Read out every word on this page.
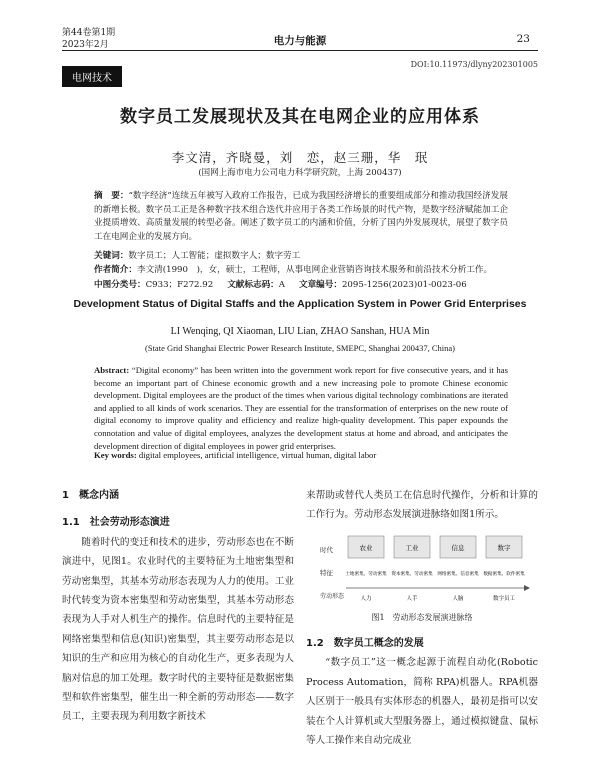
第44卷第1期
2023年2月	电力与能源	23
电网技术
DOI:10.11973/dlyny202301005
数字员工发展现状及其在电网企业的应用体系
李文清，齐晓曼，刘　恋，赵三珊，华　珉
(国网上海市电力公司电力科学研究院，上海 200437)
摘　要：“数字经济”连续五年被写入政府工作报告，已成为我国经济增长的重要组成部分和推动我国经济发展的新增长极。数字员工正是各种数字技术组合迭代并应用于各类工作场景的时代产物，是数字经济赋能加工企业提质增效、高质量发展的转型必备。阐述了数字员工的内涵和价值，分析了国内外发展现状，展望了数字员工在电网企业的发展方向。
关键词：数字员工；人工智能；虚拟数字人；数字劳工
作者简介：李文清(1990　)，女，硕士，工程师，从事电网企业营销咨询技术服务和前沿技术分析工作。
中图分类号：C933；F272.92 文献标志码：A 文章编号：2095-1256(2023)01-0023-06
Development Status of Digital Staffs and the Application System in Power Grid Enterprises
LI Wenqing, QI Xiaoman, LIU Lian, ZHAO Sanshan, HUA Min
(State Grid Shanghai Electric Power Research Institute, SMEPC, Shanghai 200437, China)
Abstract: “Digital economy” has been written into the government work report for five consecutive years, and it has become an important part of Chinese economic growth and a new increasing pole to promote Chinese economic development. Digital employees are the product of the times when various digital technology combinations are iterated and applied to all kinds of work scenarios. They are essential for the transformation of enterprises on the new route of digital economy to improve quality and efficiency and realize high-quality development. This paper expounds the connotation and value of digital employees, analyzes the development status at home and abroad, and anticipates the development direction of digital employees in power grid enterprises.
Key words: digital employees, artificial intelligence, virtual human, digital labor
1　概念内涵
1.1　社会劳动形态演进

随着时代的变迁和技术的进步，劳动形态也在不断演进中，见图1。农业时代的主要特征为土地密集型和劳动密集型，其基本劳动形态表现为人力的使用。工业时代转变为资本密集型和劳动密集型，其基本劳动形态表现为人手对人机生产的操作。信息时代的主要特征是网络密集型和信息(知识)密集型，其主要劳动形态是以知识的生产和应用为核心的自动化生产，更多表现为人脑对信息的加工处理。数字时代的主要特征是数据密集型和软件密集型，催生出一种全新的劳动形态——数字员工，主要表现为利用数字新技术

来帮助或替代人类员工在信息时代操作，分析和计算的工作行为。劳动形态发展演进脉络如图1所示。

时代
特征
劳动形态
农业	工业	信息	数字
土地密集、劳动密集 资本密集、劳动密集 网络密集、信息密集 数据密集、软件密集
人力	人手	人脑	数字员工
图1　劳动形态发展演进脉络
1.2　数字员工概念的发展

“数字员工”这一概念起源于流程自动化(Robotic Process Automation，简称 RPA)机器人。RPA机器人区别于一般具有实体形态的机器人，最初是指可以安装在个人计算机或大型服务器上，通过模拟键盘、鼠标等人工操作来自动完成业
